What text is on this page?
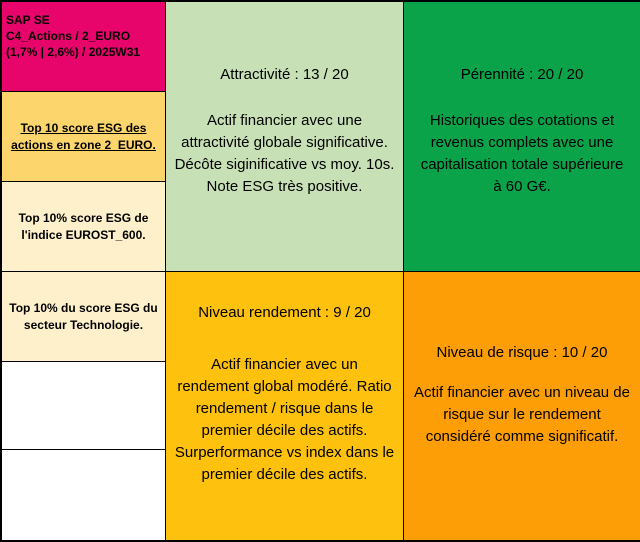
SAP SE
C4_Actions / 2_EURO
(1,7% | 2,6%) / 2025W31
Top 10 score ESG des
actions en zone 2_EURO.
Top 10% score ESG de
l'indice EUROST_600.
Top 10% du score ESG du
secteur Technologie.
Attractivité : 13 / 20
Actif financier avec une
attractivité globale significative.
Décôte siginificative vs moy. 10s.
Note ESG très positive.
Pérennité : 20 / 20
Historiques des cotations et
revenus complets avec une
capitalisation totale supérieure
à 60 G€.
Niveau rendement : 9 / 20
Actif financier avec un
rendement global modéré. Ratio
rendement / risque dans le
premier décile des actifs.
Surperformance vs index dans le
premier décile des actifs.
Niveau de risque : 10 / 20
Actif financier avec un niveau de
risque sur le rendement
considéré comme significatif.
